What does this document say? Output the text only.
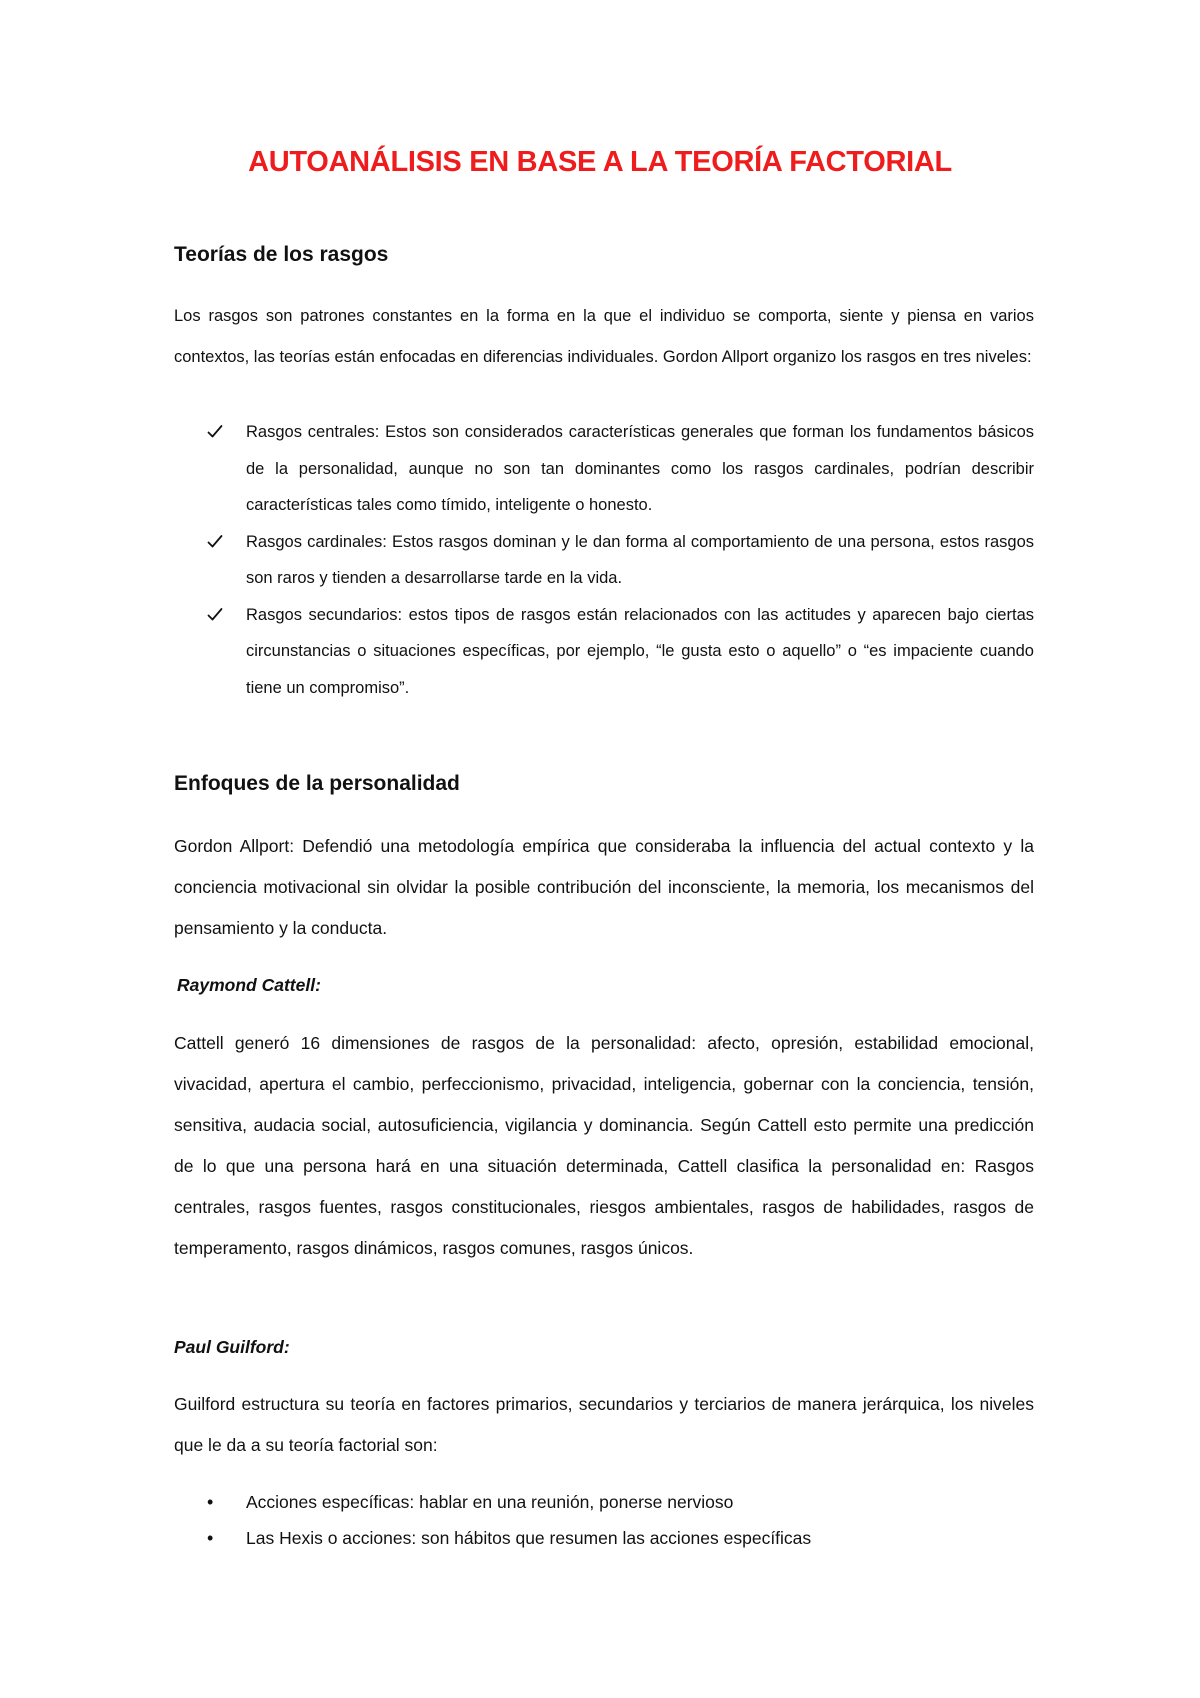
AUTOANÁLISIS EN BASE A LA TEORÍA FACTORIAL
Teorías de los rasgos
Los rasgos son patrones constantes en la forma en la que el individuo se comporta, siente y piensa en varios contextos, las teorías están enfocadas en diferencias individuales. Gordon Allport organizo los rasgos en tres niveles:
Rasgos centrales: Estos son considerados características generales que forman los fundamentos básicos de la personalidad, aunque no son tan dominantes como los rasgos cardinales, podrían describir características tales como tímido, inteligente o honesto.
Rasgos cardinales: Estos rasgos dominan y le dan forma al comportamiento de una persona, estos rasgos son raros y tienden a desarrollarse tarde en la vida.
Rasgos secundarios: estos tipos de rasgos están relacionados con las actitudes y aparecen bajo ciertas circunstancias o situaciones específicas, por ejemplo, “le gusta esto o aquello” o “es impaciente cuando tiene un compromiso”.
Enfoques de la personalidad
Gordon Allport: Defendió una metodología empírica que consideraba la influencia del actual contexto y la conciencia motivacional sin olvidar la posible contribución del inconsciente, la memoria, los mecanismos del pensamiento y la conducta.
Raymond Cattell:
Cattell generó 16 dimensiones de rasgos de la personalidad: afecto, opresión, estabilidad emocional, vivacidad, apertura el cambio, perfeccionismo, privacidad, inteligencia, gobernar con la conciencia, tensión, sensitiva, audacia social, autosuficiencia, vigilancia y dominancia. Según Cattell esto permite una predicción de lo que una persona hará en una situación determinada, Cattell clasifica la personalidad en: Rasgos centrales, rasgos fuentes, rasgos constitucionales, riesgos ambientales, rasgos de habilidades, rasgos de temperamento, rasgos dinámicos, rasgos comunes, rasgos únicos.
Paul Guilford:
Guilford estructura su teoría en factores primarios, secundarios y terciarios de manera jerárquica, los niveles que le da a su teoría factorial son:
•	Acciones específicas: hablar en una reunión, ponerse nervioso
•	Las Hexis o acciones: son hábitos que resumen las acciones específicas
